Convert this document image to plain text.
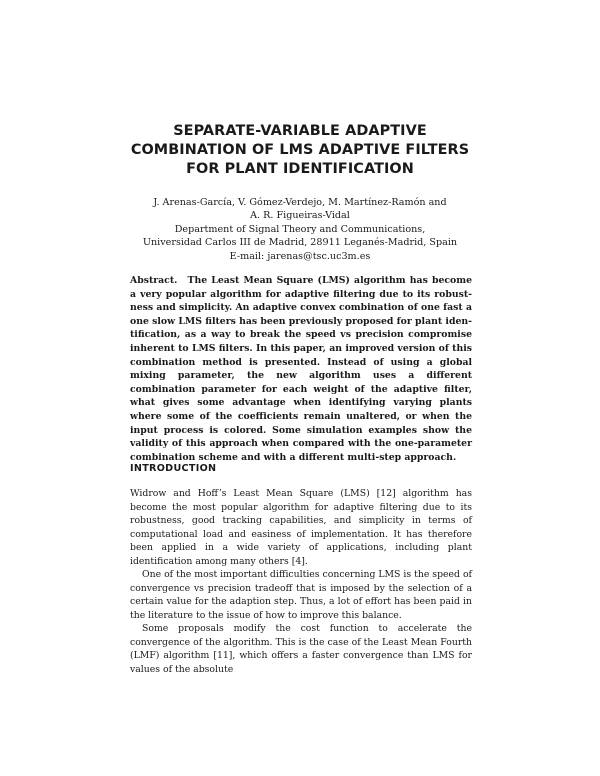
SEPARATE-VARIABLE ADAPTIVE
COMBINATION OF LMS ADAPTIVE FILTERS
FOR PLANT IDENTIFICATION
J. Arenas-García, V. Gómez-Verdejo, M. Martínez-Ramón and
A. R. Figueiras-Vidal
Department of Signal Theory and Communications,
Universidad Carlos III de Madrid, 28911 Leganés-Madrid, Spain
E-mail: jarenas@tsc.uc3m.es
Abstract. The Least Mean Square (LMS) algorithm has become a very popular algorithm for adaptive filtering due to its robustness and simplicity. An adaptive convex combination of one fast a one slow LMS filters has been previously proposed for plant identification, as a way to break the speed vs precision compromise inherent to LMS filters. In this paper, an improved version of this combination method is presented. Instead of using a global mixing parameter, the new algorithm uses a different combination parameter for each weight of the adaptive filter, what gives some advantage when identifying varying plants where some of the coefficients remain unaltered, or when the input process is colored. Some simulation examples show the validity of this approach when compared with the one-parameter combination scheme and with a different multi-step approach.
INTRODUCTION

Widrow and Hoff’s Least Mean Square (LMS) [12] algorithm has become the most popular algorithm for adaptive filtering due to its robustness, good tracking capabilities, and simplicity in terms of computational load and easiness of implementation. It has therefore been applied in a wide variety of applications, including plant identification among many others [4].

One of the most important difficulties concerning LMS is the speed of convergence vs precision tradeoff that is imposed by the selection of a certain value for the adaption step. Thus, a lot of effort has been paid in the literature to the issue of how to improve this balance.

Some proposals modify the cost function to accelerate the convergence of the algorithm. This is the case of the Least Mean Fourth (LMF) algorithm [11], which offers a faster convergence than LMS for values of the absolute
